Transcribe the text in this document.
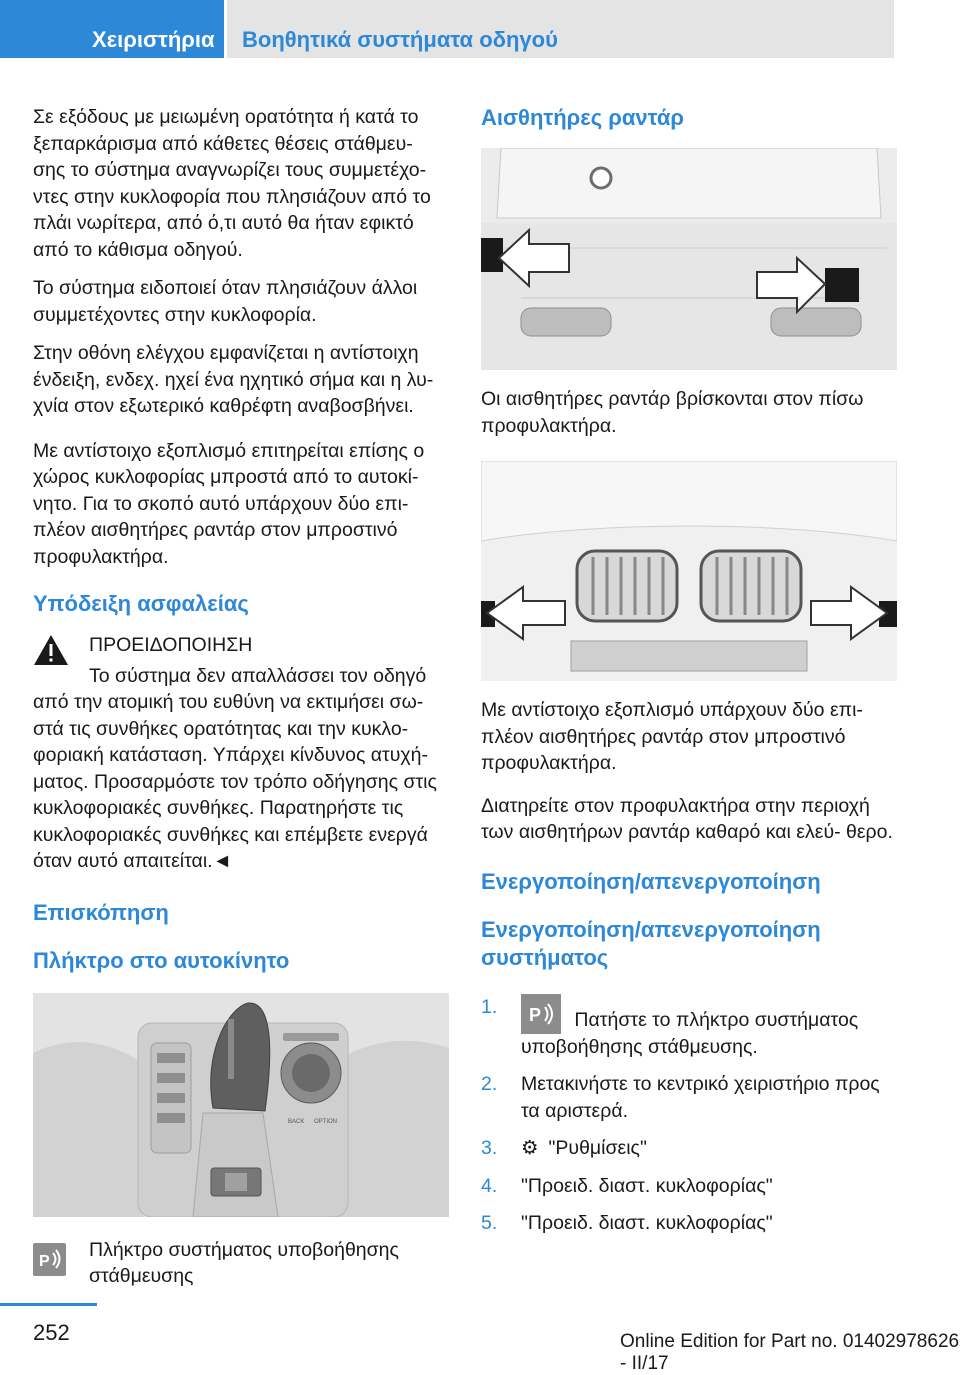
Χειριστήρια	Βοηθητικά συστήματα οδηγού

Σε εξόδους με μειωμένη ορατότητα ή κατά το ξεπαρκάρισμα από κάθετες θέσεις στάθμευ‐ σης το σύστημα αναγνωρίζει τους συμμετέχο‐ ντες στην κυκλοφορία που πλησιάζουν από το πλάι νωρίτερα, από ό,τι αυτό θα ήταν εφικτό από το κάθισμα οδηγού.

Το σύστημα ειδοποιεί όταν πλησιάζουν άλλοι συμμετέχοντες στην κυκλοφορία.

Στην οθόνη ελέγχου εμφανίζεται η αντίστοιχη ένδειξη, ενδεχ. ηχεί ένα ηχητικό σήμα και η λυ‐ χνία στον εξωτερικό καθρέφτη αναβοσβήνει.

Με αντίστοιχο εξοπλισμό επιτηρείται επίσης ο χώρος κυκλοφορίας μπροστά από το αυτοκί‐ νητο. Για το σκοπό αυτό υπάρχουν δύο επι‐ πλέον αισθητήρες ραντάρ στον μπροστινό προφυλακτήρα.

Υπόδειξη ασφαλείας
ΠΡΟΕΙΔΟΠΟΙΗΣΗ

Το σύστημα δεν απαλλάσσει τον οδηγό από την ατομική του ευθύνη να εκτιμήσει σω‐ στά τις συνθήκες ορατότητας και την κυκλο‐ φοριακή κατάσταση. Υπάρχει κίνδυνος ατυχή‐ ματος. Προσαρμόστε τον τρόπο οδήγησης στις κυκλοφοριακές συνθήκες. Παρατηρήστε τις κυκλοφοριακές συνθήκες και επέμβετε ενεργά όταν αυτό απαιτείται.◄

Επισκόπηση
Πλήκτρο στο αυτοκίνητο
BACK OPTION
P

Πλήκτρο συστήματος υποβοήθησης στάθμευσης

Αισθητήρες ραντάρ

Οι αισθητήρες ραντάρ βρίσκονται στον πίσω προφυλακτήρα.

Με αντίστοιχο εξοπλισμό υπάρχουν δύο επι‐ πλέον αισθητήρες ραντάρ στον μπροστινό προφυλακτήρα.

Διατηρείτε στον προφυλακτήρα στην περιοχή των αισθητήρων ραντάρ καθαρό και ελεύ‐ θερο.

Ενεργοποίηση/απενεργοποίηση
Ενεργοποίηση/απενεργοποίηση συστήματος
1. P Πατήστε το πλήκτρο συστήματος υποβοήθησης στάθμευσης.
2. Μετακινήστε το κεντρικό χειριστήριο προς τα αριστερά.
3. ⚙ "Ρυθμίσεις"
4. "Προειδ. διαστ. κυκλοφορίας"
5. "Προειδ. διαστ. κυκλοφορίας"
252	Online Edition for Part no. 01402978626 - II/17
